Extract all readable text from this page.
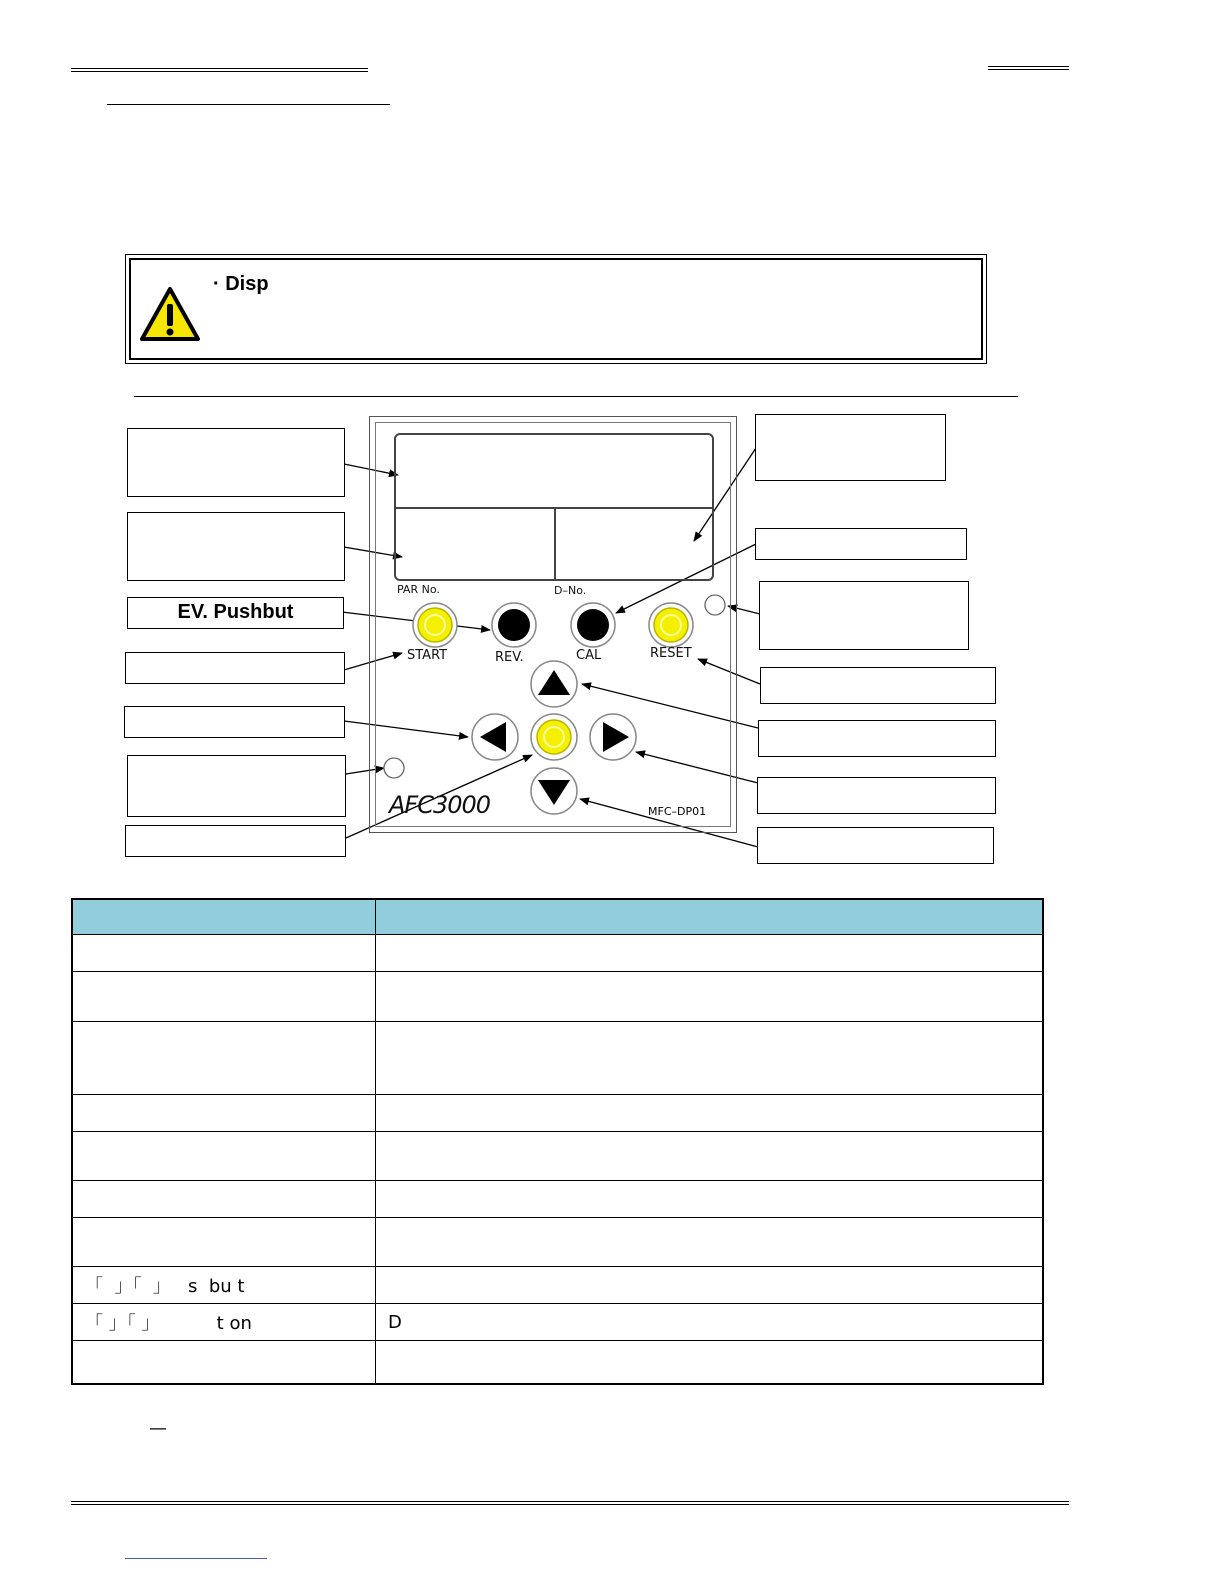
· Disp
EV. Pushbut
PAR No.	D–No.
START	REV.	CAL	RESET
AFC3000	MFC–DP01

「  」「  」   s  bu t	
「 」「 」          t on	D

—
